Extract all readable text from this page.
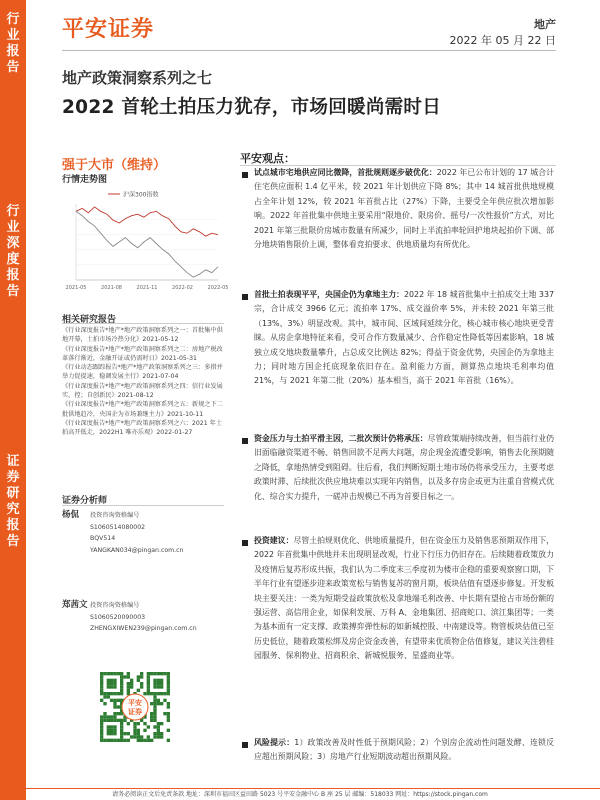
行业报告
行业深度报告
证券研究报告
平安证券	地产
2022 年 05 月 22 日
地产政策洞察系列之七
2022 首轮土拍压力犹存，市场回暖尚需时日
强于大市（维持）
行情走势图
沪深300指数
2021-05	2021-08	2021-11	2022-02	2022-05
相关研究报告
《行业深度报告*地产*地产政策洞察系列之一：首批集中供地开幕，土拍市场冷热分化》2021-05-12
《行业深度报告*地产*地产政策洞察系列之二：房地产税改革落行渐近，金融开证或仍需时日》2021-05-31
《行业动态跟踪报告*地产*地产政策洞察系列之三：多措并举力促提速，稳调发展主行》2021-07-04
《行业深度报告*地产*地产政策洞察系列之四：信行业发展实，控；自创新民》2021-08-12
《行业深度报告*地产*地产政策洞察系列之五：新规之下二批供地趋冷，央国企为市场兼继主力》2021-10-11
《行业深度报告*地产*地产政策洞察系列之六：2021 年土拍高开低走，2022H1 唯亦乐观》2022-01-27
证券分析师
杨侃 投资咨询资格编号
S1060514080002
BQV514
YANGKAN034@pingan.com.cn
郑茜文 投资咨询资格编号
S1060520090003
ZHENGXIWEN239@pingan.com.cn
平安
证券
平安观点：
试点城市宅地供应同比微降，首批规则逐步破优化：2022 年已公布计划的 17 城合计住宅供应面积 1.4 亿平米，较 2021 年计划供应下降 8%；其中 14 城首批供地规模占全年计划 12%，较 2021 年首批占比（27%）下降，主要受全年供应批次增加影响。2022 年首批集中供地主要采用“限地价、限房价、摇号/一次性报价”方式，对比 2021 年第三批限价房城市数量有所减少，同时上半流拍率轮回护地块起拍价下调、部分地块销售限价上调，整体看竞拍要求、供地质量均有所优化。
首批土拍表现平平，央国企仍为拿地主力：2022 年 18 城首批集中土拍成交土地 337 宗，合计成交 3966 亿元；流拍率 17%、成交溢价率 5%，并未较 2021 年第三批（13%、3%）明显改观。其中，城市间、区域间延续分化，核心城市核心地块更受青睐。从房企拿地特征来看，受可合作方数量减少、合作稳定性降低等因素影响，18 城独立成交地块数量攀升，占总成交比例达 82%；得益于资金优势，央国企仍为拿地主力；同时地方国企托底现象依旧存在。盈利能力方面，测算热点地块毛利率均值 21%，与 2021 年第二批（20%）基本相当，高于 2021 年首批（16%）。
资金压力与土拍平滑主因，二批次预计仍将承压：尽管政策端持续改善，但当前行业仍旧面临融资渠道不畅、销售回款不足两大问题，房企现金流遭受影响，销售去化预期随之降低，拿地热情受到阻碍。往后看，我们判断短期土地市场仍将承受压力，主要考虑政策时滞、后续批次供应地块难以实现年内销售，以及多存房企或更为注重自营模式优化、综合实力提升，一磋冲击规模已不再为首要目标之一。
投资建议：尽管土拍规则优化、供地质量提升，但在资金压力及销售恶预期双作用下，2022 年首批集中供地并未出现明显改观，行业下行压力仍旧存在。后续随着政策放力及疫情后复苏形成共振，我们认为二季度末三季度初为楼市企稳的重要观察窗口期，下半年行业有望逐步迎来政策宽松与销售复苏的窗月期，板块估值有望逐步修复。开发板块主要关注：一类为短期受益政策放松及拿地端毛利改善、中长期有望抢占市场份额的强运营、高信用企业，如保利发展、万科 A、金地集团、招商蛇口、滨江集团等；一类为基本面有一定支撑、政策搏弈弹性标的如新城控股、中南建设等。物管板块估值已至历史低位，随着政策松绑及房企资金改善，有望带来优质物企估值修复，建议关注碧桂园服务、保利物业、招商积余、新城悦服务、星盛商业等。
风险提示：1）政策改善及时性低于预期风险；2）个别房企流动性问题发酵、连锁反应超出预期风险；3）房地产行业短期波动超出预期风险。
请务必阅读正文后免责条款 地址：深圳市福田区益田路 5023 号平安金融中心 B 座 25 层 邮编：518033 网址：https://stock.pingan.com
